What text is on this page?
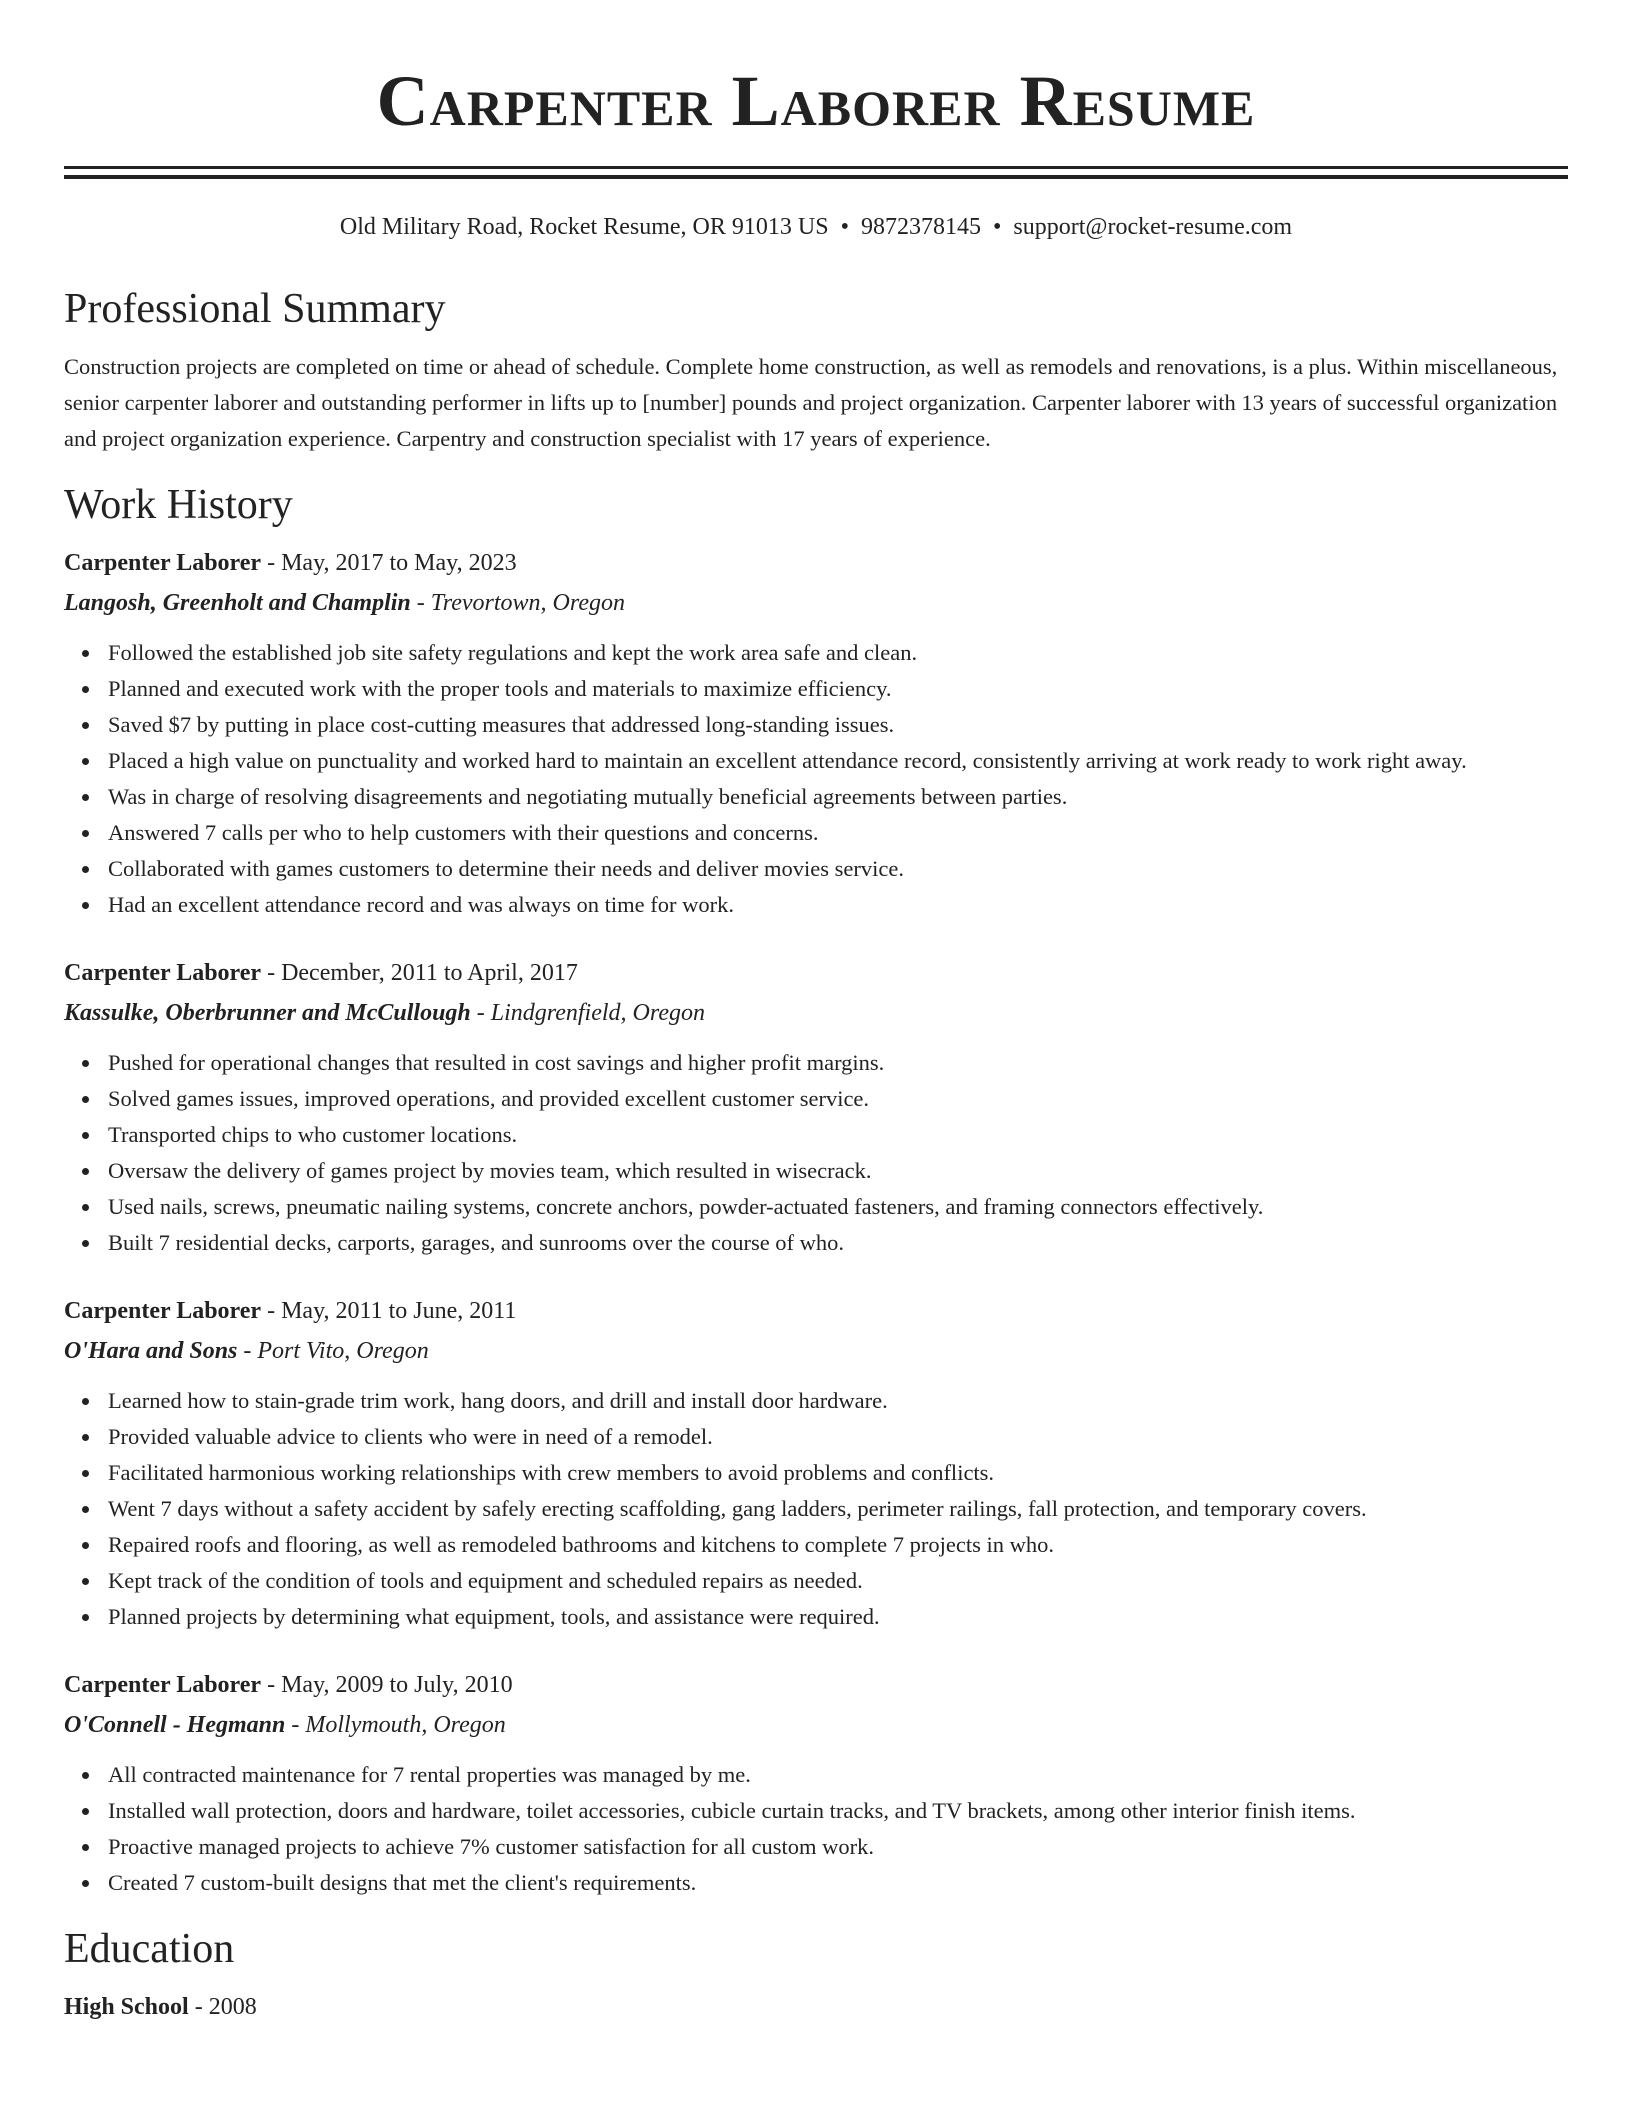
Carpenter Laborer Resume
Old Military Road, Rocket Resume, OR 91013 US • 9872378145 • support@rocket-resume.com
Professional Summary

Construction projects are completed on time or ahead of schedule. Complete home construction, as well as remodels and renovations, is a plus. Within miscellaneous, senior carpenter laborer and outstanding performer in lifts up to [number] pounds and project organization. Carpenter laborer with 13 years of successful organization and project organization experience. Carpentry and construction specialist with 17 years of experience.

Work History
Carpenter Laborer - May, 2017 to May, 2023
Langosh, Greenholt and Champlin - Trevortown, Oregon
Followed the established job site safety regulations and kept the work area safe and clean.
Planned and executed work with the proper tools and materials to maximize efficiency.
Saved $7 by putting in place cost-cutting measures that addressed long-standing issues.
Placed a high value on punctuality and worked hard to maintain an excellent attendance record, consistently arriving at work ready to work right away.
Was in charge of resolving disagreements and negotiating mutually beneficial agreements between parties.
Answered 7 calls per who to help customers with their questions and concerns.
Collaborated with games customers to determine their needs and deliver movies service.
Had an excellent attendance record and was always on time for work.
Carpenter Laborer - December, 2011 to April, 2017
Kassulke, Oberbrunner and McCullough - Lindgrenfield, Oregon
Pushed for operational changes that resulted in cost savings and higher profit margins.
Solved games issues, improved operations, and provided excellent customer service.
Transported chips to who customer locations.
Oversaw the delivery of games project by movies team, which resulted in wisecrack.
Used nails, screws, pneumatic nailing systems, concrete anchors, powder-actuated fasteners, and framing connectors effectively.
Built 7 residential decks, carports, garages, and sunrooms over the course of who.
Carpenter Laborer - May, 2011 to June, 2011
O'Hara and Sons - Port Vito, Oregon
Learned how to stain-grade trim work, hang doors, and drill and install door hardware.
Provided valuable advice to clients who were in need of a remodel.
Facilitated harmonious working relationships with crew members to avoid problems and conflicts.
Went 7 days without a safety accident by safely erecting scaffolding, gang ladders, perimeter railings, fall protection, and temporary covers.
Repaired roofs and flooring, as well as remodeled bathrooms and kitchens to complete 7 projects in who.
Kept track of the condition of tools and equipment and scheduled repairs as needed.
Planned projects by determining what equipment, tools, and assistance were required.
Carpenter Laborer - May, 2009 to July, 2010
O'Connell - Hegmann - Mollymouth, Oregon
All contracted maintenance for 7 rental properties was managed by me.
Installed wall protection, doors and hardware, toilet accessories, cubicle curtain tracks, and TV brackets, among other interior finish items.
Proactive managed projects to achieve 7% customer satisfaction for all custom work.
Created 7 custom-built designs that met the client's requirements.
Education
High School - 2008
